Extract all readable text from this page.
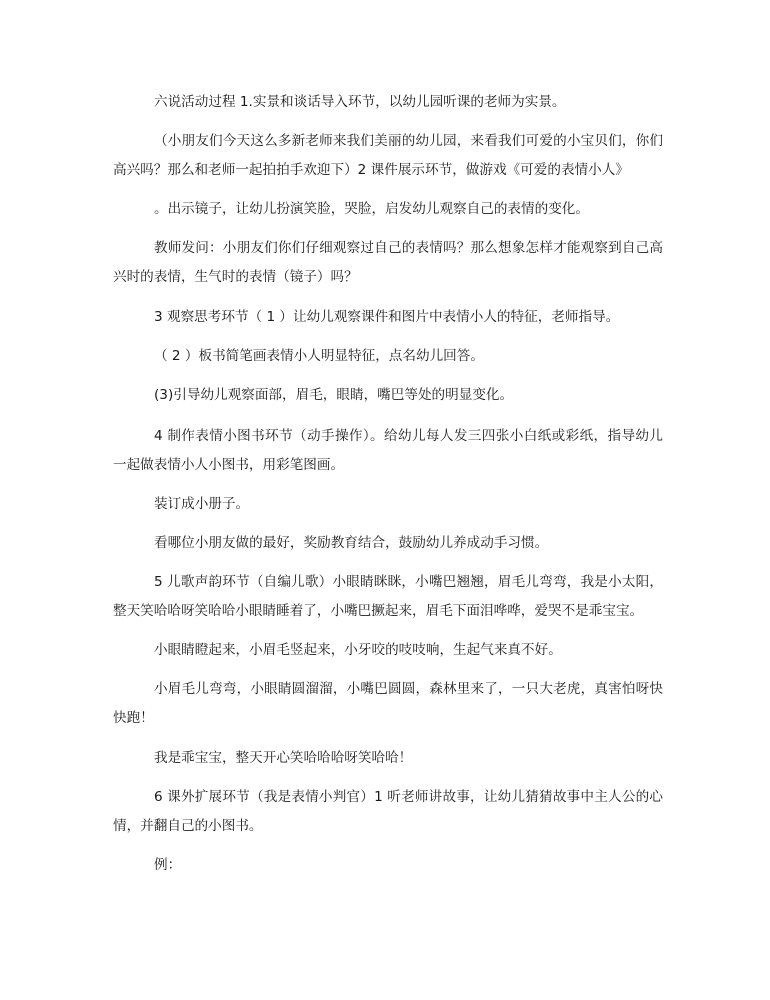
六说活动过程 1.实景和谈话导入环节，以幼儿园听课的老师为实景。

（小朋友们今天这么多新老师来我们美丽的幼儿园，来看我们可爱的小宝贝们，你们高兴吗？那么和老师一起拍拍手欢迎下）2 课件展示环节，做游戏《可爱的表情小人》

。出示镜子，让幼儿扮演笑脸，哭脸，启发幼儿观察自己的表情的变化。

教师发问：小朋友们你们仔细观察过自己的表情吗？那么想象怎样才能观察到自己高兴时的表情，生气时的表情（镜子）吗？

3 观察思考环节（ 1 ）让幼儿观察课件和图片中表情小人的特征，老师指导。

（ 2 ）板书简笔画表情小人明显特征，点名幼儿回答。

(3)引导幼儿观察面部，眉毛，眼睛，嘴巴等处的明显变化。

4 制作表情小图书环节（动手操作）。给幼儿每人发三四张小白纸或彩纸，指导幼儿一起做表情小人小图书，用彩笔图画。

装订成小册子。

看哪位小朋友做的最好，奖励教育结合，鼓励幼儿养成动手习惯。

5 儿歌声韵环节（自编儿歌）小眼睛眯眯，小嘴巴翘翘，眉毛儿弯弯，我是小太阳，整天笑哈哈呀笑哈哈小眼睛睡着了，小嘴巴撅起来，眉毛下面泪哗哗，爱哭不是乖宝宝。

小眼睛瞪起来，小眉毛竖起来，小牙咬的吱吱响，生起气来真不好。

小眉毛儿弯弯，小眼睛圆溜溜，小嘴巴圆圆，森林里来了，一只大老虎，真害怕呀快快跑！

我是乖宝宝，整天开心笑哈哈哈呀笑哈哈！

6 课外扩展环节（我是表情小判官）1 听老师讲故事，让幼儿猜猜故事中主人公的心情，并翻自己的小图书。

例：
